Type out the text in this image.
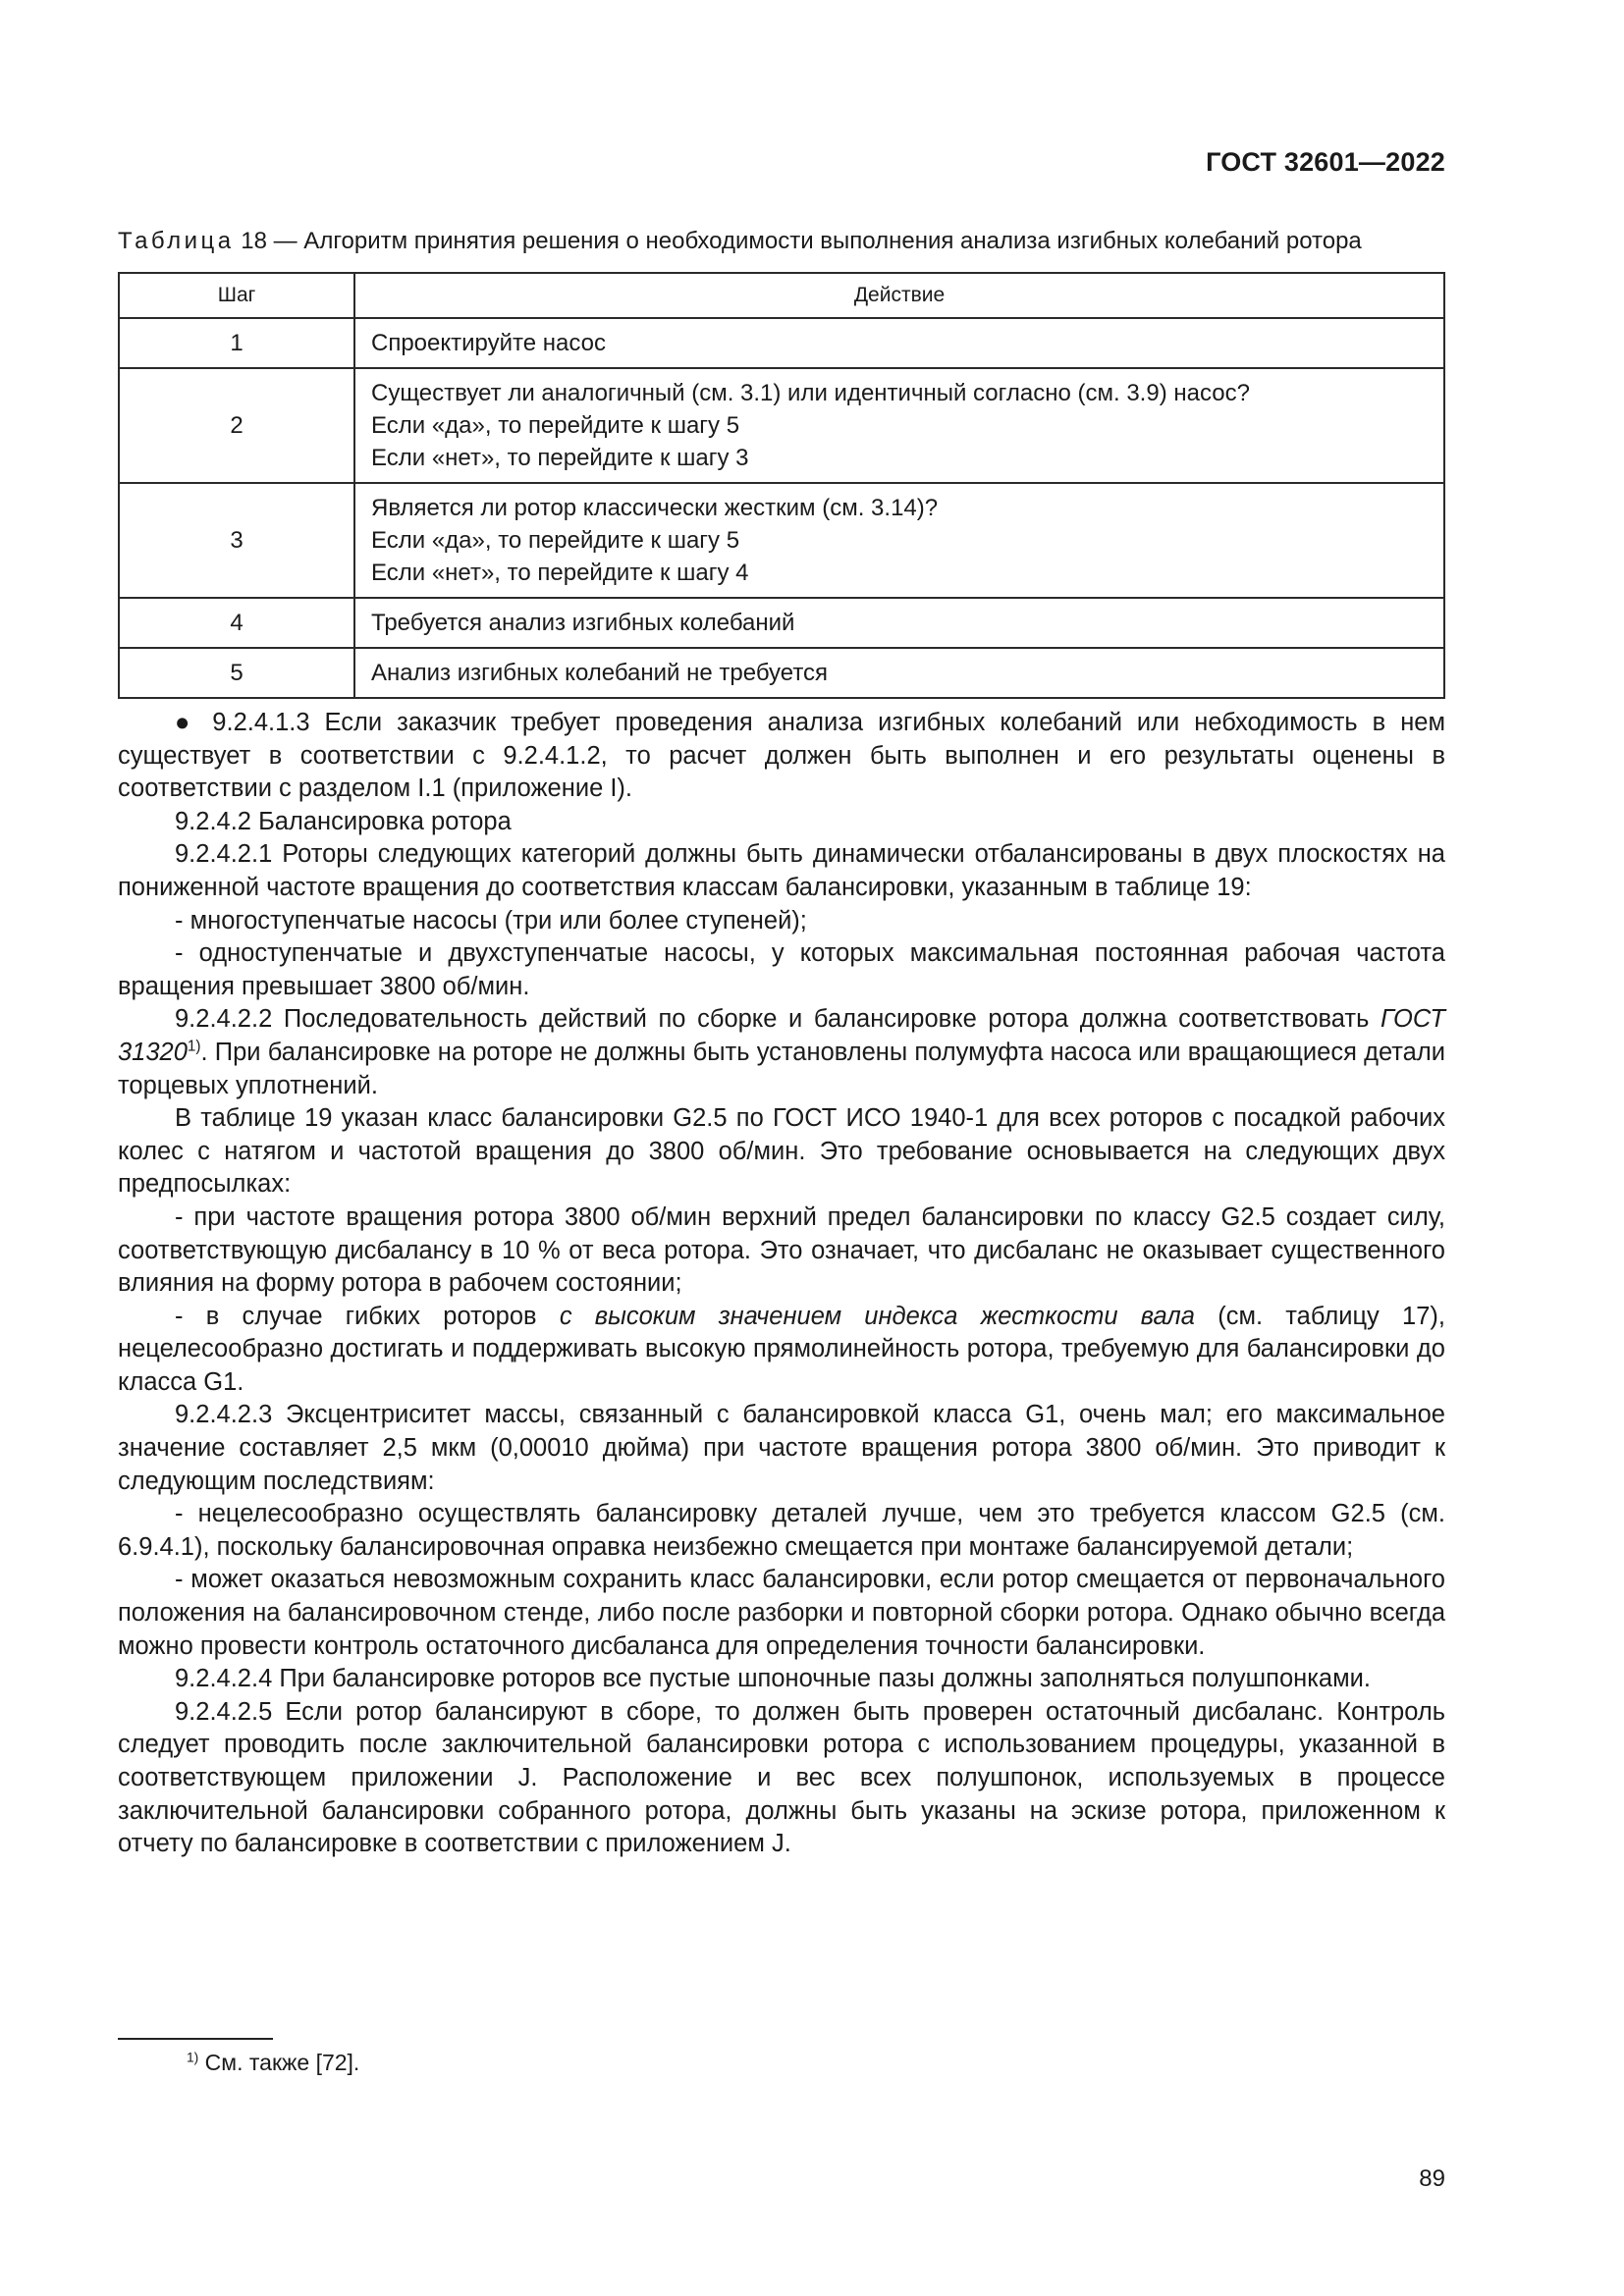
ГОСТ 32601—2022
Таблица 18 — Алгоритм принятия решения о необходимости выполнения анализа изгибных колебаний ротора
Шаг	Действие
1	Спроектируйте насос

2	Существует ли аналогичный (см. 3.1) или идентичный согласно (см. 3.9) насос?
Если «да», то перейдите к шагу 5
Если «нет», то перейдите к шагу 3

3	Является ли ротор классически жестким (см. 3.14)?
Если «да», то перейдите к шагу 5
Если «нет», то перейдите к шагу 4

4	Требуется анализ изгибных колебаний

5	Анализ изгибных колебаний не требуется

● 9.2.4.1.3 Если заказчик требует проведения анализа изгибных колебаний или небходимость в нем существует в соответствии с 9.2.4.1.2, то расчет должен быть выполнен и его результаты оценены в соответствии с разделом I.1 (приложение I).

9.2.4.2 Балансировка ротора

9.2.4.2.1 Роторы следующих категорий должны быть динамически отбалансированы в двух плоскостях на пониженной частоте вращения до соответствия классам балансировки, указанным в таблице 19:

- многоступенчатые насосы (три или более ступеней);

- одноступенчатые и двухступенчатые насосы, у которых максимальная постоянная рабочая частота вращения превышает 3800 об/мин.

9.2.4.2.2 Последовательность действий по сборке и балансировке ротора должна соответствовать ГОСТ 31320$^{1)}$. При балансировке на роторе не должны быть установлены полумуфта насоса или вращающиеся детали торцевых уплотнений.

В таблице 19 указан класс балансировки G2.5 по ГОСТ ИСО 1940-1 для всех роторов с посадкой рабочих колес с натягом и частотой вращения до 3800 об/мин. Это требование основывается на следующих двух предпосылках:

- при частоте вращения ротора 3800 об/мин верхний предел балансировки по классу G2.5 создает силу, соответствующую дисбалансу в 10 % от веса ротора. Это означает, что дисбаланс не оказывает существенного влияния на форму ротора в рабочем состоянии;

- в случае гибких роторов с высоким значением индекса жесткости вала (см. таблицу 17), нецелесообразно достигать и поддерживать высокую прямолинейность ротора, требуемую для балансировки до класса G1.

9.2.4.2.3 Эксцентриситет массы, связанный с балансировкой класса G1, очень мал; его максимальное значение составляет 2,5 мкм (0,00010 дюйма) при частоте вращения ротора 3800 об/мин. Это приводит к следующим последствиям:

- нецелесообразно осуществлять балансировку деталей лучше, чем это требуется классом G2.5 (см. 6.9.4.1), поскольку балансировочная оправка неизбежно смещается при монтаже балансируемой детали;

- может оказаться невозможным сохранить класс балансировки, если ротор смещается от первоначального положения на балансировочном стенде, либо после разборки и повторной сборки ротора. Однако обычно всегда можно провести контроль остаточного дисбаланса для определения точности балансировки.

9.2.4.2.4 При балансировке роторов все пустые шпоночные пазы должны заполняться полушпонками.

9.2.4.2.5 Если ротор балансируют в сборе, то должен быть проверен остаточный дисбаланс. Контроль следует проводить после заключительной балансировки ротора с использованием процедуры, указанной в соответствующем приложении J. Расположение и вес всех полушпонок, используемых в процессе заключительной балансировки собранного ротора, должны быть указаны на эскизе ротора, приложенном к отчету по балансировке в соответствии с приложением J.

$^{1)}$ См. также [72].
89
